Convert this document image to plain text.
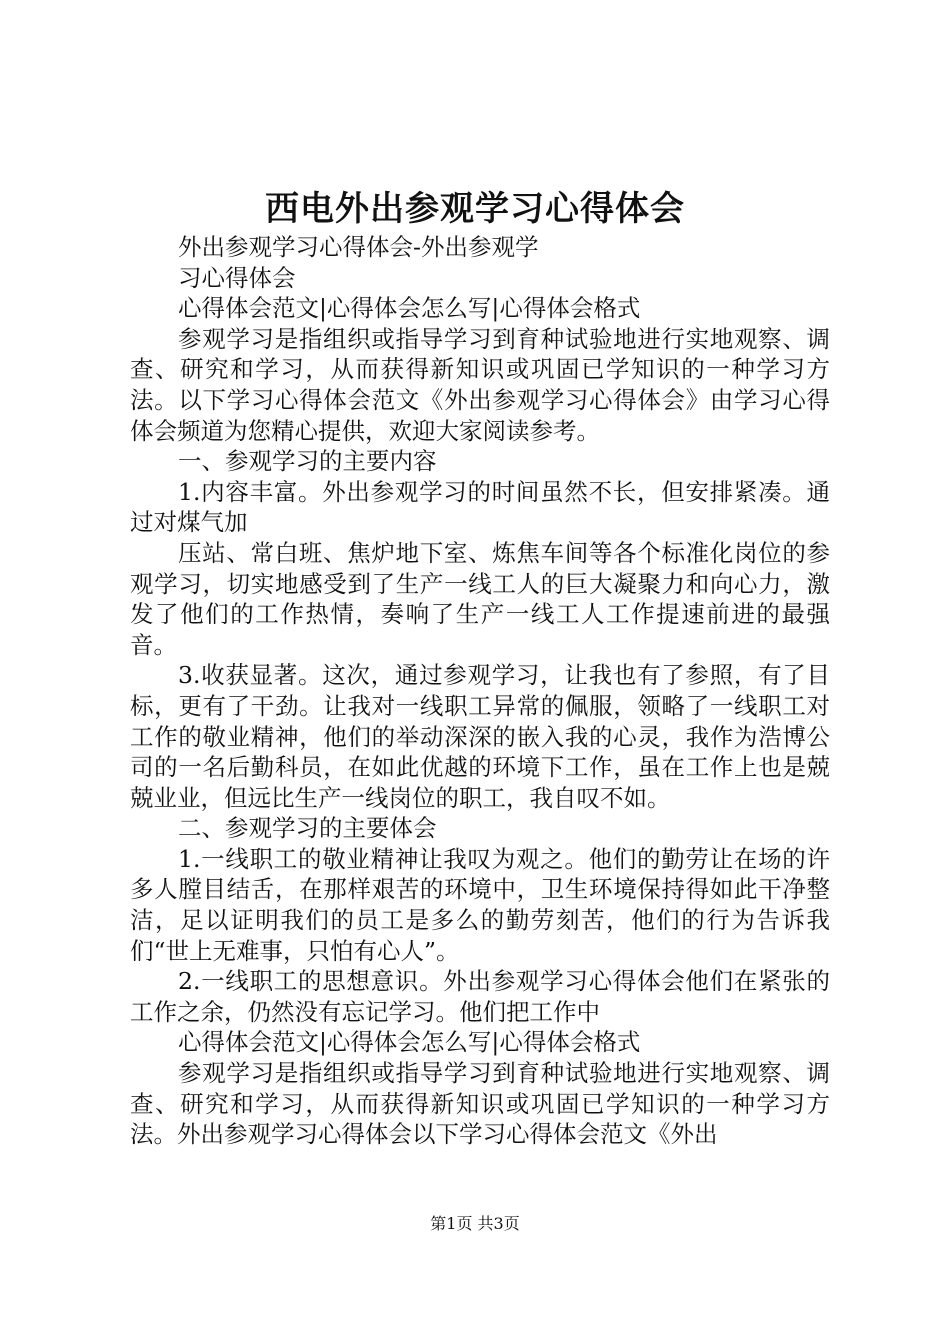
西电外出参观学习心得体会

外出参观学习心得体会-外出参观学

习心得体会

心得体会范文|心得体会怎么写|心得体会格式

参观学习是指组织或指导学习到育种试验地进行实地观察、调查、研究和学习，从而获得新知识或巩固已学知识的一种学习方法。以下学习心得体会范文《外出参观学习心得体会》由学习心得体会频道为您精心提供，欢迎大家阅读参考。

一、参观学习的主要内容

1.内容丰富。外出参观学习的时间虽然不长，但安排紧凑。通过对煤气加

压站、常白班、焦炉地下室、炼焦车间等各个标准化岗位的参观学习，切实地感受到了生产一线工人的巨大凝聚力和向心力，激发了他们的工作热情，奏响了生产一线工人工作提速前进的最强音。

3.收获显著。这次，通过参观学习，让我也有了参照，有了目标，更有了干劲。让我对一线职工异常的佩服，领略了一线职工对工作的敬业精神，他们的举动深深的嵌入我的心灵，我作为浩博公司的一名后勤科员，在如此优越的环境下工作，虽在工作上也是兢兢业业，但远比生产一线岗位的职工，我自叹不如。

二、参观学习的主要体会

1.一线职工的敬业精神让我叹为观之。他们的勤劳让在场的许多人膛目结舌，在那样艰苦的环境中，卫生环境保持得如此干净整洁，足以证明我们的员工是多么的勤劳刻苦，他们的行为告诉我们“世上无难事，只怕有心人”。

2.一线职工的思想意识。外出参观学习心得体会他们在紧张的工作之余，仍然没有忘记学习。他们把工作中

心得体会范文|心得体会怎么写|心得体会格式

参观学习是指组织或指导学习到育种试验地进行实地观察、调查、研究和学习，从而获得新知识或巩固已学知识的一种学习方法。外出参观学习心得体会以下学习心得体会范文《外出

第1页 共3页
